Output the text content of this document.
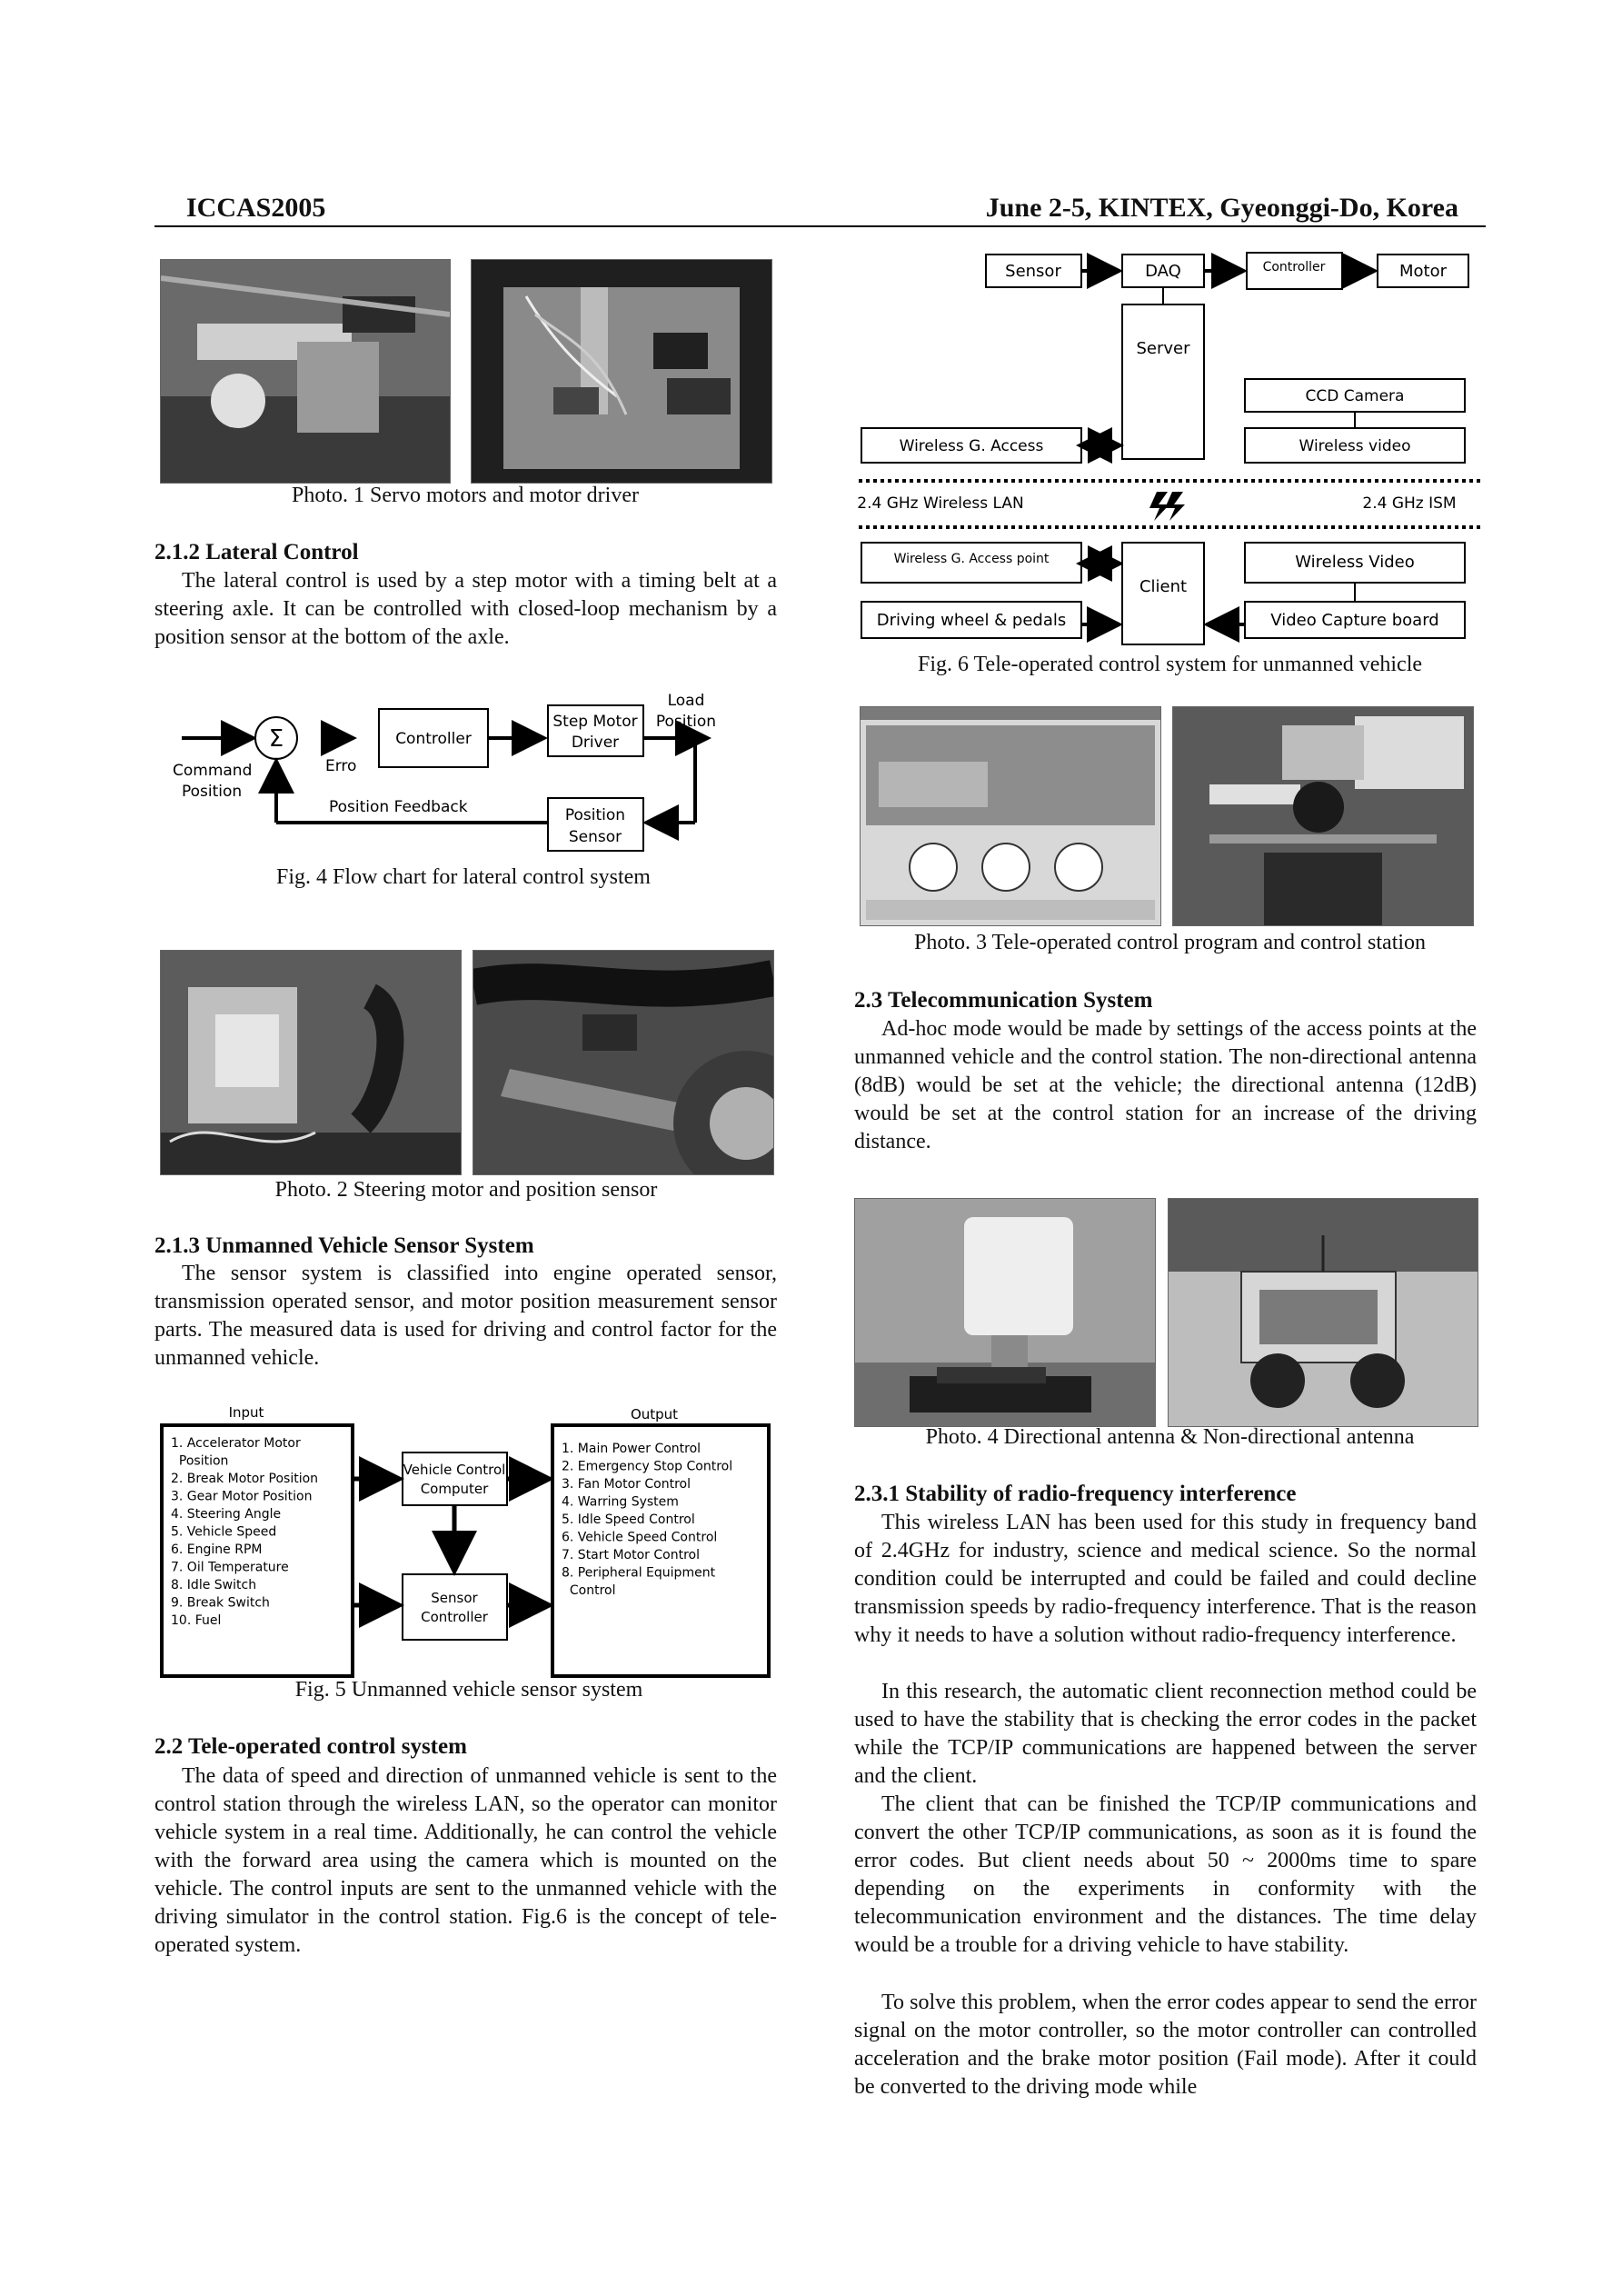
ICCAS2005	June 2-5, KINTEX, Gyeonggi-Do, Korea
Photo. 1 Servo motors and motor driver
2.1.2 Lateral Control

The lateral control is used by a step motor with a timing belt at a steering axle. It can be controlled with closed-loop mechanism by a position sensor at the bottom of the axle.

Σ	Controller
Step Motor
Driver
Load
Position
Position
Sensor
Command
Position
Erro
Position Feedback
Fig. 4 Flow chart for lateral control system
Photo. 2 Steering motor and position sensor
2.1.3 Unmanned Vehicle Sensor System

The sensor system is classified into engine operated sensor, transmission operated sensor, and motor position measurement sensor parts. The measured data is used for driving and control factor for the unmanned vehicle.

Input	Output
1. Accelerator Motor
Position
2. Break Motor Position
3. Gear Motor Position
4. Steering Angle
5. Vehicle Speed
6. Engine RPM
7. Oil Temperature
8. Idle Switch
9. Break Switch
10. Fuel
Vehicle Control
Computer
Sensor
Controller
1. Main Power Control
2. Emergency Stop Control
3. Fan Motor Control
4. Warring System
5. Idle Speed Control
6. Vehicle Speed Control
7. Start Motor Control
8. Peripheral Equipment
Control
Fig. 5 Unmanned vehicle sensor system
2.2 Tele-operated control system

The data of speed and direction of unmanned vehicle is sent to the control station through the wireless LAN, so the operator can monitor vehicle system in a real time. Additionally, he can control the vehicle with the forward area using the camera which is mounted on the vehicle. The control inputs are sent to the unmanned vehicle with the driving simulator in the control station. Fig.6 is the concept of tele-operated system.

Sensor	DAQ	Controller	Motor
Server
CCD Camera
Wireless video
Wireless G. Access
2.4 GHz Wireless LAN	2.4 GHz ISM
Wireless G. Access point
Client
Wireless Video
Driving wheel & pedals	Video Capture board
Fig. 6 Tele-operated control system for unmanned vehicle
Photo. 3 Tele-operated control program and control station
2.3 Telecommunication System

Ad-hoc mode would be made by settings of the access points at the unmanned vehicle and the control station. The non-directional antenna (8dB) would be set at the vehicle; the directional antenna (12dB) would be set at the control station for an increase of the driving distance.

Photo. 4 Directional antenna & Non-directional antenna
2.3.1 Stability of radio-frequency interference

This wireless LAN has been used for this study in frequency band of 2.4GHz for industry, science and medical science. So the normal condition could be interrupted and could be failed and could decline transmission speeds by radio-frequency interference. That is the reason why it needs to have a solution without radio-frequency interference.

In this research, the automatic client reconnection method could be used to have the stability that is checking the error codes in the packet while the TCP/IP communications are happened between the server and the client.

The client that can be finished the TCP/IP communications and convert the other TCP/IP communications, as soon as it is found the error codes. But client needs about 50 ~ 2000ms time to spare depending on the experiments in conformity with the telecommunication environment and the distances. The time delay would be a trouble for a driving vehicle to have stability.

To solve this problem, when the error codes appear to send the error signal on the motor controller, so the motor controller can controlled acceleration and the brake motor position (Fail mode). After it could be converted to the driving mode while
